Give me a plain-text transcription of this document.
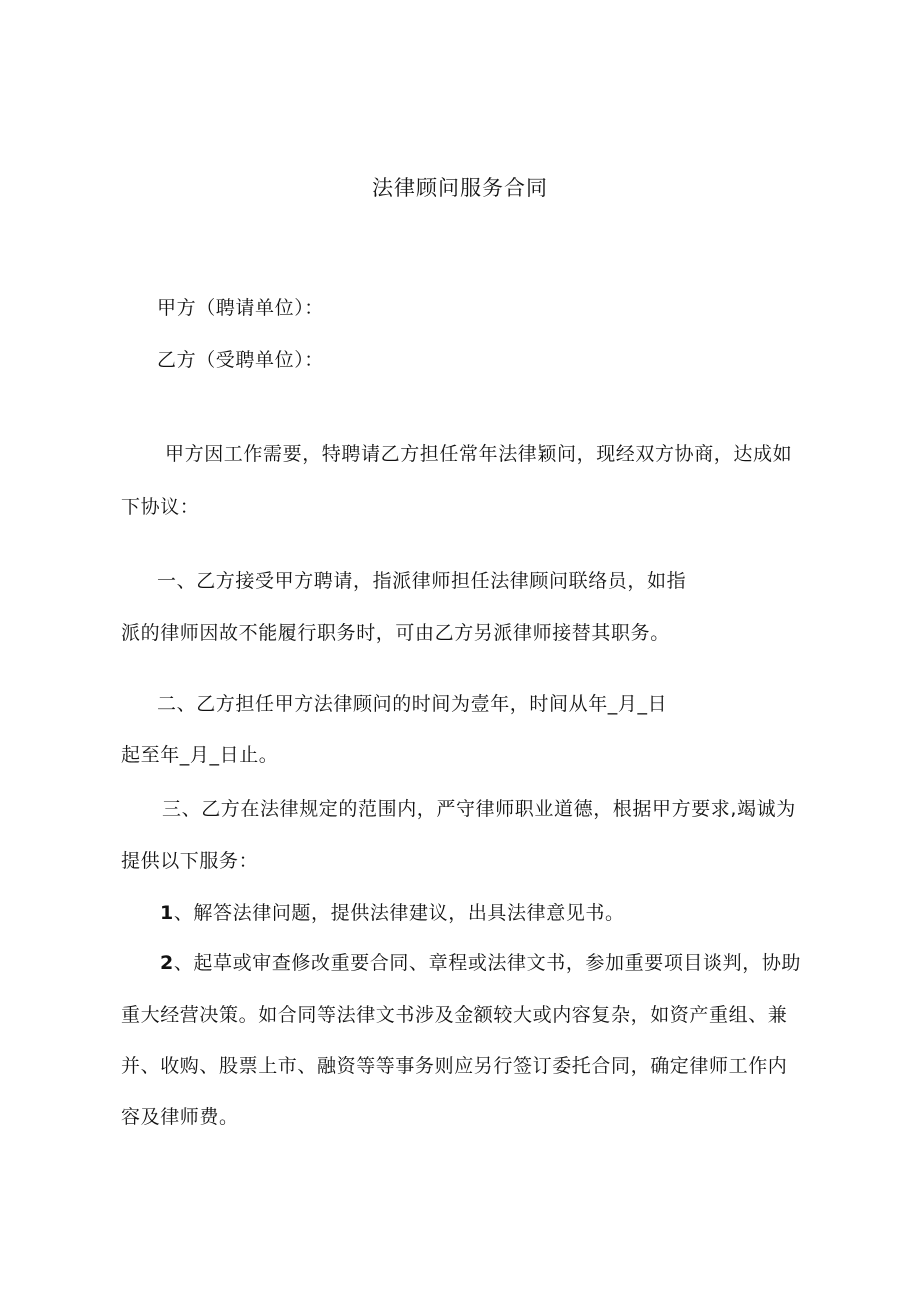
法律顾问服务合同
甲方（聘请单位）：
乙方（受聘单位）：
甲方因工作需要，特聘请乙方担任常年法律颖问，现经双方协商，达成如
下协议：
一、乙方接受甲方聘请，指派律师担任法律顾问联络员，如指
派的律师因故不能履行职务时，可由乙方另派律师接替其职务。
二、乙方担任甲方法律顾问的时间为壹年，时间从年_月_日
起至年_月_日止。
三、乙方在法律规定的范围内，严守律师职业道德，根据甲方要求,竭诚为
提供以下服务：
1、解答法律问题，提供法律建议，出具法律意见书。
2、起草或审查修改重要合同、章程或法律文书，参加重要项目谈判，协助
重大经营决策。如合同等法律文书涉及金额较大或内容复杂，如资产重组、兼
并、收购、股票上市、融资等等事务则应另行签订委托合同，确定律师工作内
容及律师费。
